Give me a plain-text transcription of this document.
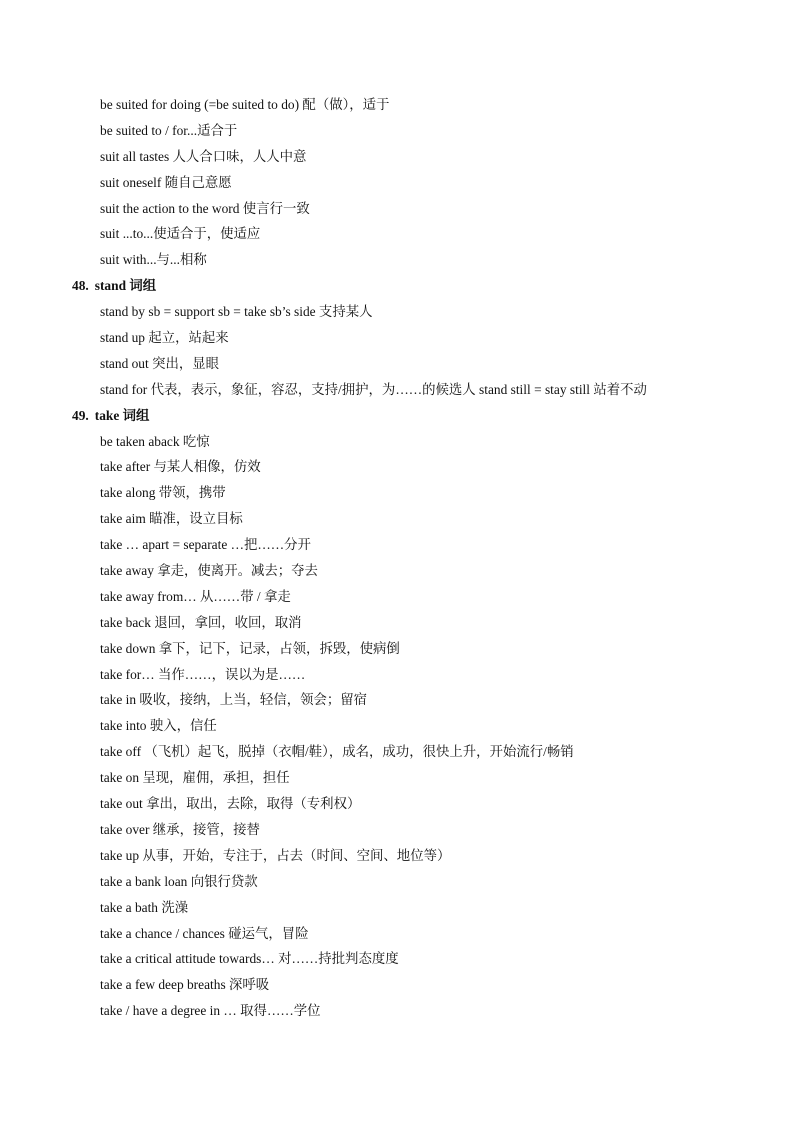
be suited for doing (=be suited to do) 配（做），适于
be suited to / for...适合于
suit all tastes 人人合口味，人人中意
suit oneself 随自己意愿
suit the action to the word 使言行一致
suit ...to...使适合于，使适应
suit with...与...相称
48. stand 词组
stand by sb = support sb = take sb’s side 支持某人
stand up 起立，站起来
stand out 突出，显眼
stand for 代表，表示，象征，容忍，支持/拥护，为……的候选人 stand still = stay still 站着不动
49. take 词组
be taken aback 吃惊
take after 与某人相像，仿效
take along 带领，携带
take aim 瞄准，设立目标
take … apart = separate …把……分开
take away 拿走，使离开。减去；夺去
take away from… 从……带 / 拿走
take back 退回，拿回，收回，取消
take down 拿下，记下，记录，占领，拆毁，使病倒
take for… 当作……，误以为是……
take in 吸收，接纳，上当，轻信，领会；留宿
take into 驶入，信任
take off （飞机）起飞，脱掉（衣帽/鞋），成名，成功，很快上升，开始流行/畅销
take on 呈现，雇佣，承担，担任
take out 拿出，取出，去除，取得（专利权）
take over 继承，接管，接替
take up 从事，开始，专注于，占去（时间、空间、地位等）
take a bank loan 向银行贷款
take a bath 洗澡
take a chance / chances 碰运气，冒险
take a critical attitude towards… 对……持批判态度度
take a few deep breaths 深呼吸
take / have a degree in … 取得……学位
